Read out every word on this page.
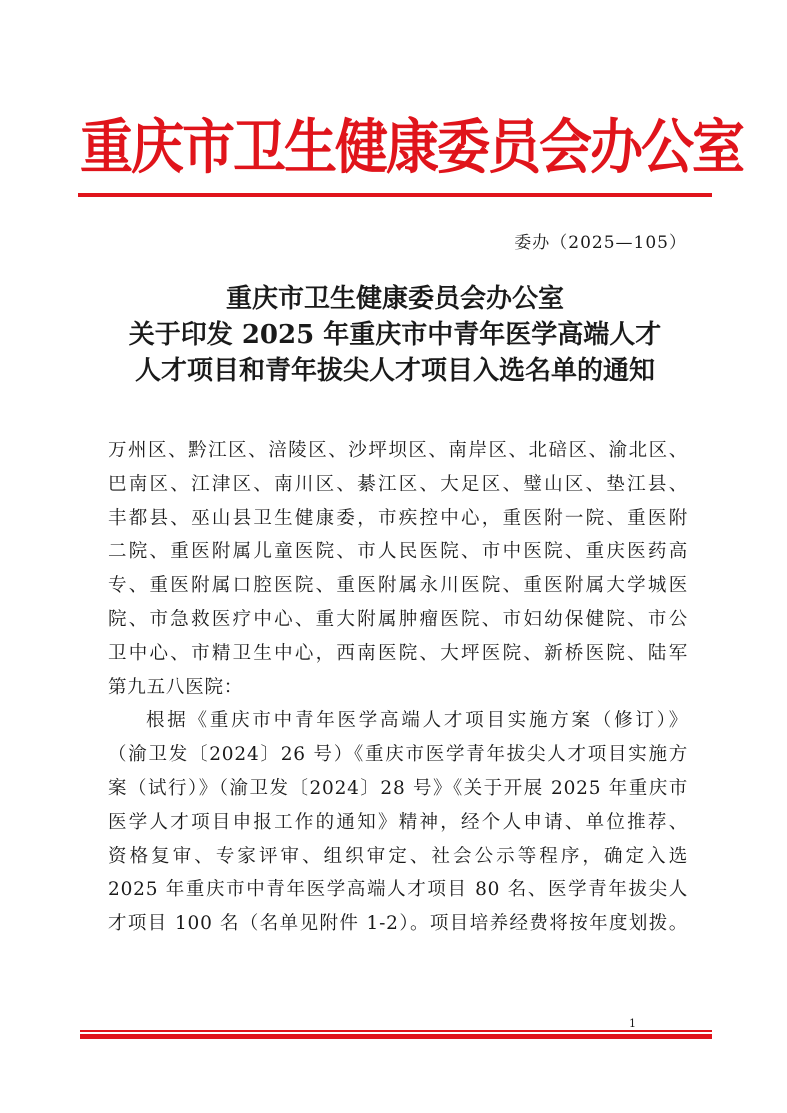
重庆市卫生健康委员会办公室
委办（2025—105）
重庆市卫生健康委员会办公室
关于印发 2025 年重庆市中青年医学高端人才
人才项目和青年拔尖人才项目入选名单的通知
万州区、黔江区、涪陵区、沙坪坝区、南岸区、北碚区、渝北区、
巴南区、江津区、南川区、綦江区、大足区、璧山区、垫江县、
丰都县、巫山县卫生健康委，市疾控中心，重医附一院、重医附
二院、重医附属儿童医院、市人民医院、市中医院、重庆医药高
专、重医附属口腔医院、重医附属永川医院、重医附属大学城医
院、市急救医疗中心、重大附属肿瘤医院、市妇幼保健院、市公
卫中心、市精卫生中心，西南医院、大坪医院、新桥医院、陆军
第九五八医院：
根据《重庆市中青年医学高端人才项目实施方案（修订）》
（渝卫发〔2024〕26 号）《重庆市医学青年拔尖人才项目实施方
案（试行）》（渝卫发〔2024〕28 号》《关于开展 2025 年重庆市
医学人才项目申报工作的通知》精神，经个人申请、单位推荐、
资格复审、专家评审、组织审定、社会公示等程序，确定入选
2025 年重庆市中青年医学高端人才项目 80 名、医学青年拔尖人
才项目 100 名（名单见附件 1-2）。项目培养经费将按年度划拨。
1
